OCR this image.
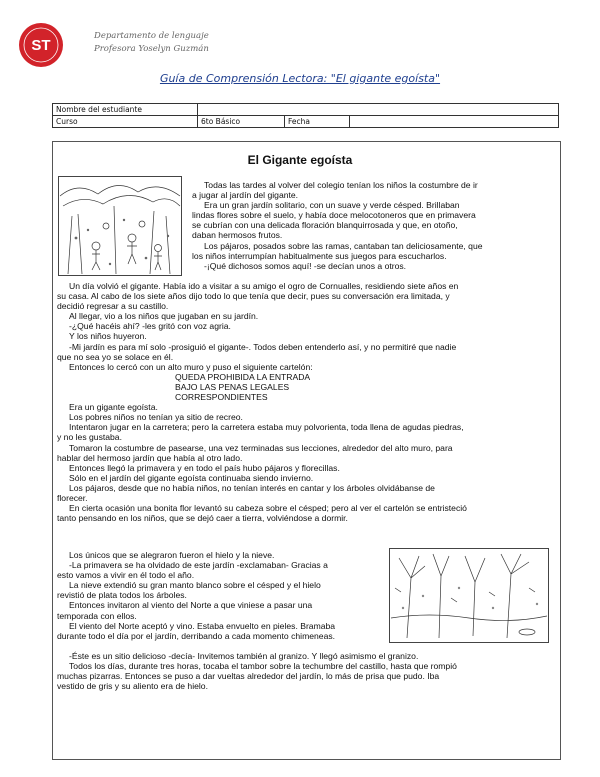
ST
Departamento de lenguaje
Profesora Yoselyn Guzmán
Guía de Comprensión Lectora: "El gigante egoísta"
Nombre del estudiante			
Curso	6to Básico	Fecha	
El Gigante egoísta
Todas las tardes al volver del colegio tenían los niños la costumbre de ir
a jugar al jardín del gigante.
Era un gran jardín solitario, con un suave y verde césped. Brillaban
lindas flores sobre el suelo, y había doce melocotoneros que en primavera
se cubrían con una delicada floración blanquirrosada y que, en otoño,
daban hermosos frutos.
Los pájaros, posados sobre las ramas, cantaban tan deliciosamente, que
los niños interrumpían habitualmente sus juegos para escucharlos.
-¡Qué dichosos somos aquí! -se decían unos a otros.
Un día volvió el gigante. Había ido a visitar a su amigo el ogro de Cornualles, residiendo siete años en
su casa. Al cabo de los siete años dijo todo lo que tenía que decir, pues su conversación era limitada, y
decidió regresar a su castillo.
Al llegar, vio a los niños que jugaban en su jardín.
-¿Qué hacéis ahí? -les gritó con voz agria.
Y los niños huyeron.
-Mi jardín es para mí solo -prosiguió el gigante-. Todos deben entenderlo así, y no permitiré que nadie
que no sea yo se solace en él.
Entonces lo cercó con un alto muro y puso el siguiente cartelón:
QUEDA PROHIBIDA LA ENTRADA
BAJO LAS PENAS LEGALES
CORRESPONDIENTES
Era un gigante egoísta.
Los pobres niños no tenían ya sitio de recreo.
Intentaron jugar en la carretera; pero la carretera estaba muy polvorienta, toda llena de agudas piedras,
y no les gustaba.
Tomaron la costumbre de pasearse, una vez terminadas sus lecciones, alrededor del alto muro, para
hablar del hermoso jardín que había al otro lado.
Entonces llegó la primavera y en todo el país hubo pájaros y florecillas.
Sólo en el jardín del gigante egoísta continuaba siendo invierno.
Los pájaros, desde que no había niños, no tenían interés en cantar y los árboles olvidábanse de
florecer.
En cierta ocasión una bonita flor levantó su cabeza sobre el césped; pero al ver el cartelón se entristeció
tanto pensando en los niños, que se dejó caer a tierra, volviéndose a dormir.
Los únicos que se alegraron fueron el hielo y la nieve.
-La primavera se ha olvidado de este jardín -exclamaban- Gracias a
esto vamos a vivir en él todo el año.
La nieve extendió su gran manto blanco sobre el césped y el hielo
revistió de plata todos los árboles.
Entonces invitaron al viento del Norte a que viniese a pasar una
temporada con ellos.
El viento del Norte aceptó y vino. Estaba envuelto en pieles. Bramaba
durante todo el día por el jardín, derribando a cada momento chimeneas.
-Éste es un sitio delicioso -decía- Invitemos también al granizo. Y llegó asimismo el granizo.
Todos los días, durante tres horas, tocaba el tambor sobre la techumbre del castillo, hasta que rompió
muchas pizarras. Entonces se puso a dar vueltas alrededor del jardín, lo más de prisa que pudo. Iba
vestido de gris y su aliento era de hielo.
